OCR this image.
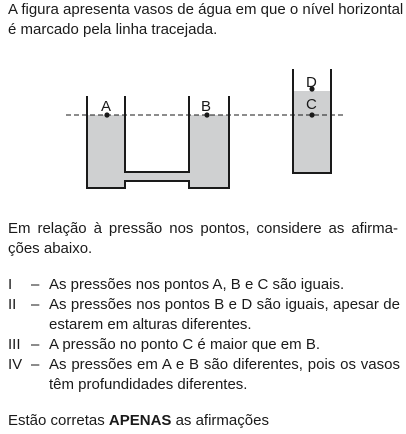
A figura apresenta vasos de água em que o nível horizontal
é marcado pela linha tracejada.
A	B	C
D
Em relação à pressão nos pontos, considere as afirma-
ções abaixo.
I	– As pressões nos pontos A, B e C são iguais.
II – As pressões nos pontos B e D são iguais, apesar de
estarem em alturas diferentes.
III – A pressão no ponto C é maior que em B.
IV – As pressões em A e B são diferentes, pois os vasos
têm profundidades diferentes.
Estão corretas APENAS as afirmações
